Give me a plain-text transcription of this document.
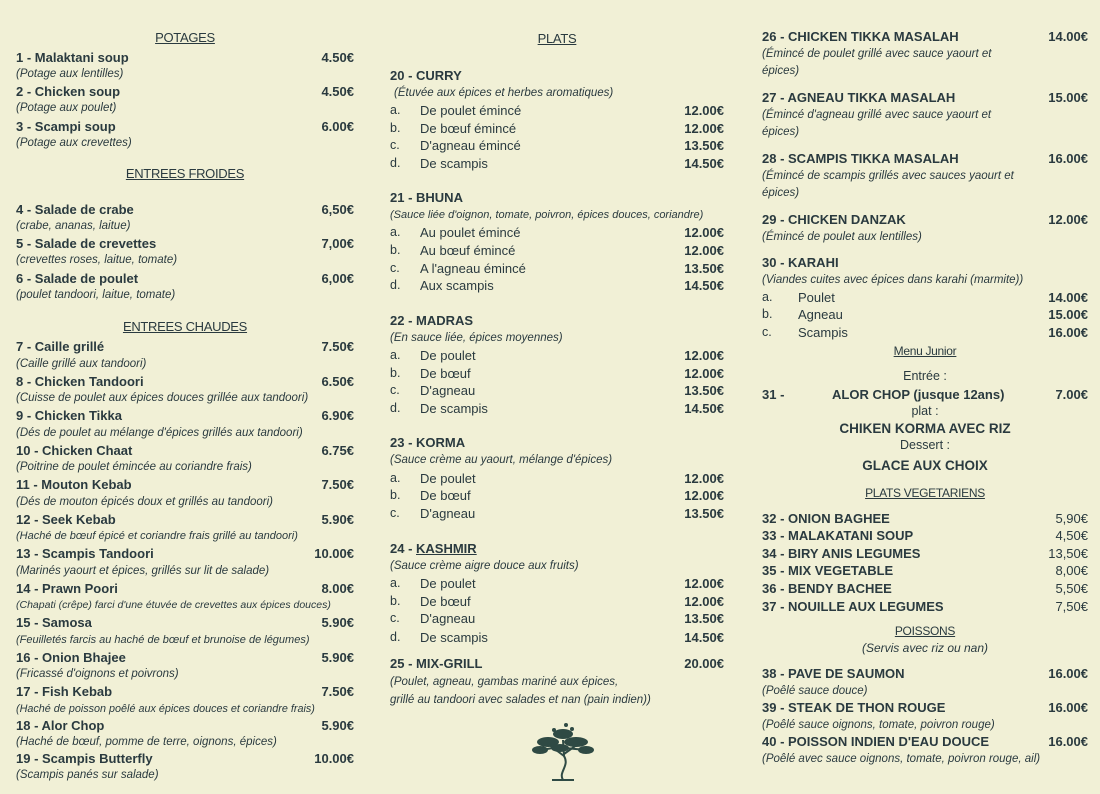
POTAGES
1 - Malaktani soup	4.50€
(Potage aux lentilles)
2 - Chicken soup	4.50€
(Potage aux poulet)
3 - Scampi soup	6.00€
(Potage aux crevettes)
ENTREES FROIDES
4 - Salade de crabe	6,50€
(crabe, ananas, laitue)
5 - Salade de crevettes	7,00€
(crevettes roses, laitue, tomate)
6 - Salade de poulet	6,00€
(poulet tandoori, laitue, tomate)
ENTREES CHAUDES
7 - Caille grillé	7.50€
(Caille grillé aux tandoori)
8 - Chicken Tandoori	6.50€
(Cuisse de poulet aux épices douces grillée aux tandoori)
9 - Chicken Tikka	6.90€
(Dés de poulet au mélange d'épices grillés aux tandoori)
10 - Chicken Chaat	6.75€
(Poitrine de poulet émincée au coriandre frais)
11 - Mouton Kebab	7.50€
(Dés de mouton épicés doux et grillés au tandoori)
12 - Seek Kebab	5.90€
(Haché de bœuf épicé et coriandre frais grillé au tandoori)
13 - Scampis Tandoori	10.00€
(Marinés yaourt et épices, grillés sur lit de salade)
14 - Prawn Poori	8.00€
(Chapati (crêpe) farci d'une étuvée de crevettes aux épices douces)
15 - Samosa	5.90€
(Feuilletés farcis au haché de bœuf et brunoise de légumes)
16 - Onion Bhajee	5.90€
(Fricassé d'oignons et poivrons)
17 - Fish Kebab	7.50€
(Haché de poisson poêlé aux épices douces et coriandre frais)
18 - Alor Chop	5.90€
(Haché de bœuf, pomme de terre, oignons, épices)
19 - Scampis Butterfly	10.00€
(Scampis panés sur salade)
PLATS
20 - CURRY
(Étuvée aux épices et herbes aromatiques)
a. De poulet émincé	12.00€
b. De bœuf émincé	12.00€
c. D'agneau émincé	13.50€
d. De scampis	14.50€
21 - BHUNA
(Sauce liée d'oignon, tomate, poivron, épices douces, coriandre)
a. Au poulet émincé	12.00€
b. Au bœuf émincé	12.00€
c. A l'agneau émincé	13.50€
d. Aux scampis	14.50€
22 - MADRAS
(En sauce liée, épices moyennes)
a. De poulet	12.00€
b. De bœuf	12.00€
c. D'agneau	13.50€
d. De scampis	14.50€
23 - KORMA
(Sauce crème au yaourt, mélange d'épices)
a. De poulet	12.00€
b. De bœuf	12.00€
c. D'agneau	13.50€
24 - KASHMIR
(Sauce crème aigre douce aux fruits)
a. De poulet	12.00€
b. De bœuf	12.00€
c. D'agneau	13.50€
d. De scampis	14.50€
25 - MIX-GRILL	20.00€
(Poulet, agneau, gambas mariné aux épices,
grillé au tandoori avec salades et nan (pain indien))
26 - CHICKEN TIKKA MASALAH	14.00€
(Émincé de poulet grillé avec sauce yaourt et
épices)
27 - AGNEAU TIKKA MASALAH	15.00€
(Émincé d'agneau grillé avec sauce yaourt et
épices)
28 - SCAMPIS TIKKA MASALAH	16.00€
(Émincé de scampis grillés avec sauces yaourt et
épices)
29 - CHICKEN DANZAK	12.00€
(Émincé de poulet aux lentilles)
30 - KARAHI
(Viandes cuites avec épices dans karahi (marmite))
a. Poulet	14.00€
b. Agneau	15.00€
c. Scampis	16.00€
Menu Junior
Entrée :
31 -	ALOR CHOP (jusque 12ans)	7.00€
plat :
CHIKEN KORMA AVEC RIZ
Dessert :
GLACE AUX CHOIX
PLATS VEGETARIENS
32 - ONION BAGHEE	5,90€
33 - MALAKATANI SOUP	4,50€
34 - BIRY ANIS LEGUMES	13,50€
35 - MIX VEGETABLE	8,00€
36 - BENDY BACHEE	5,50€
37 - NOUILLE AUX LEGUMES	7,50€
POISSONS
(Servis avec riz ou nan)
38 - PAVE DE SAUMON	16.00€
(Poêlé sauce douce)
39 - STEAK DE THON ROUGE	16.00€
(Poêlé sauce oignons, tomate, poivron rouge)
40 - POISSON INDIEN D'EAU DOUCE	16.00€
(Poêlé avec sauce oignons, tomate, poivron rouge, ail)
